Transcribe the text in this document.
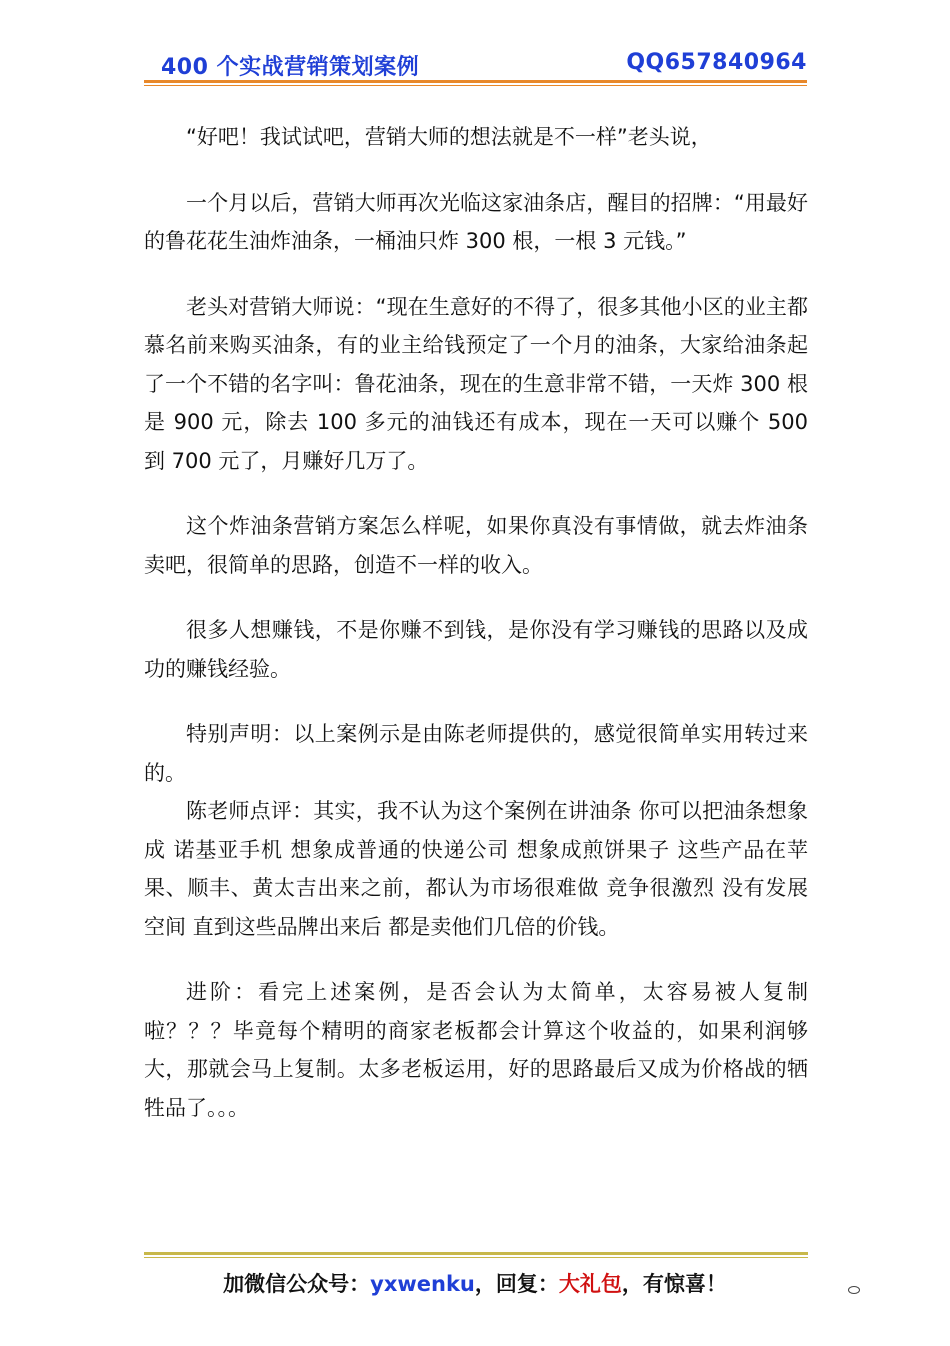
400 个实战营销策划案例	QQ657840964

“好吧！我试试吧，营销大师的想法就是不一样”老头说，

一个月以后，营销大师再次光临这家油条店，醒目的招牌：“用最好的鲁花花生油炸油条，一桶油只炸 300 根，一根 3 元钱。”

老头对营销大师说：“现在生意好的不得了，很多其他小区的业主都慕名前来购买油条，有的业主给钱预定了一个月的油条，大家给油条起了一个不错的名字叫：鲁花油条，现在的生意非常不错，一天炸 300 根是 900 元，除去 100 多元的油钱还有成本，现在一天可以赚个 500 到 700 元了，月赚好几万了。

这个炸油条营销方案怎么样呢，如果你真没有事情做，就去炸油条卖吧，很简单的思路，创造不一样的收入。

很多人想赚钱，不是你赚不到钱，是你没有学习赚钱的思路以及成功的赚钱经验。

特别声明：以上案例示是由陈老师提供的，感觉很简单实用转过来的。

陈老师点评：其实，我不认为这个案例在讲油条 你可以把油条想象成 诺基亚手机 想象成普通的快递公司 想象成煎饼果子 这些产品在苹果、顺丰、黄太吉出来之前，都认为市场很难做 竞争很激烈 没有发展空间 直到这些品牌出来后 都是卖他们几倍的价钱。

进阶：看完上述案例，是否会认为太简单，太容易被人复制啦？？？毕竟每个精明的商家老板都会计算这个收益的，如果利润够大，那就会马上复制。太多老板运用，好的思路最后又成为价格战的牺牲品了。。。

加微信公众号：yxwenku，回复：大礼包，有惊喜！
